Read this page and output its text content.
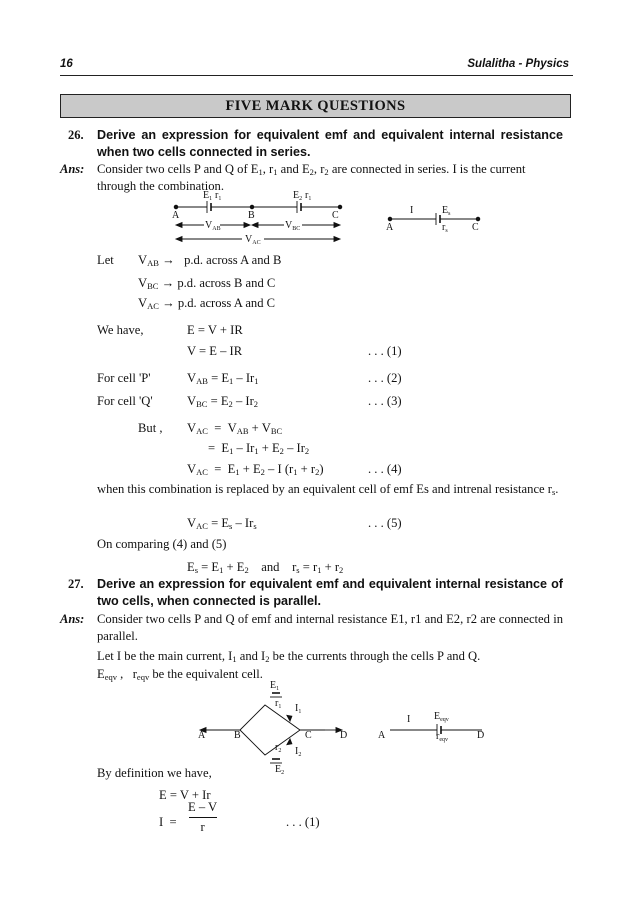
16	Sulalitha - Physics
FIVE MARK QUESTIONS
26. Derive an expression for equivalent emf and equivalent internal resistance when two cells connected in series.
Ans: Consider two cells P and Q of $E_1$, $r_1$ and $E_2$, $r_2$ are connected in series. I is the current
through the combination.
$E_1$ $r_1$	$E_2$ $r_1$
A	B	C
$V_{AB}$	$V_{BC}$
$V_{AC}$
I	$E_s$
$r_s$
A	C
Let $V_{AB} \to p.d$. across A and B
$V_{BC} \to p.d$. across B and C
$V_{AC} \to p.d$. across A and C
We have,	E = V + IR
V = E – IR	. . . (1)
For cell 'P'	$V_{AB} = E_1 - Ir_1$	. . . (2)
For cell 'Q'	$V_{BC} = E_2 - Ir_2$	. . . (3)
But , $V_{AC} = V_{AB} + V_{BC}$
=  $E_1 - Ir_1 + E_2 - Ir_2$
$V_{AC} = E_1 + E_2 - I$ $(r_1 + r_2)$	. . . (4)
when this combination is replaced by an equivalent cell of emf Es and intrenal resistance $r_s$.
$V_{AC} = E_s - Ir_s$	. . . (5)
On comparing (4) and (5)
$E_s = E_1 + E_2$    and    $r_s = r_1 + r_2$
27. Derive an expression for equivalent emf and equivalent internal resistance of two cells, when connected is parallel.
Ans: Consider two cells P and Q of emf and internal resistance E1, r1 and E2, r2 are connected in parallel.
Let I be the main current, $I_1$ and $I_2$ be the currents through the cells P and Q.
$E_{eqv}$ ,   $r_{eqv}$ be the equivalent cell.
$E_1$
$r_1$ $I_1$
$r_2$ $I_2$
$E_2$
A	B	C	D
I $E_{eqv}$
$r_{eqv}$
A	D
By definition we have,
E = V + Ir
I  =
E – V
r	. . . (1)
